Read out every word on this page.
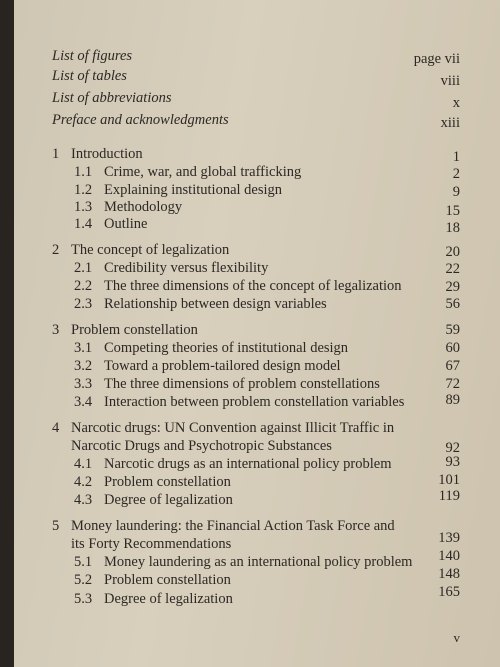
List of figures	page vii
List of tables	viii
List of abbreviations	x
Preface and acknowledgments	xiii
1 Introduction	1
1.1 Crime, war, and global trafficking	2
1.2 Explaining institutional design	9
1.3 Methodology	15
1.4 Outline	18
2 The concept of legalization	20
2.1 Credibility versus flexibility	22
2.2 The three dimensions of the concept of legalization	29
2.3 Relationship between design variables	56
3 Problem constellation	59
3.1 Competing theories of institutional design	60
3.2 Toward a problem-tailored design model	67
3.3 The three dimensions of problem constellations	72
3.4 Interaction between problem constellation variables	89
4 Narcotic drugs: UN Convention against Illicit Traffic in
Narcotic Drugs and Psychotropic Substances	92
4.1 Narcotic drugs as an international policy problem	93
4.2 Problem constellation	101
4.3 Degree of legalization	119
5 Money laundering: the Financial Action Task Force and
its Forty Recommendations	139
5.1 Money laundering as an international policy problem 140
5.2 Problem constellation	148
5.3 Degree of legalization	165
v
